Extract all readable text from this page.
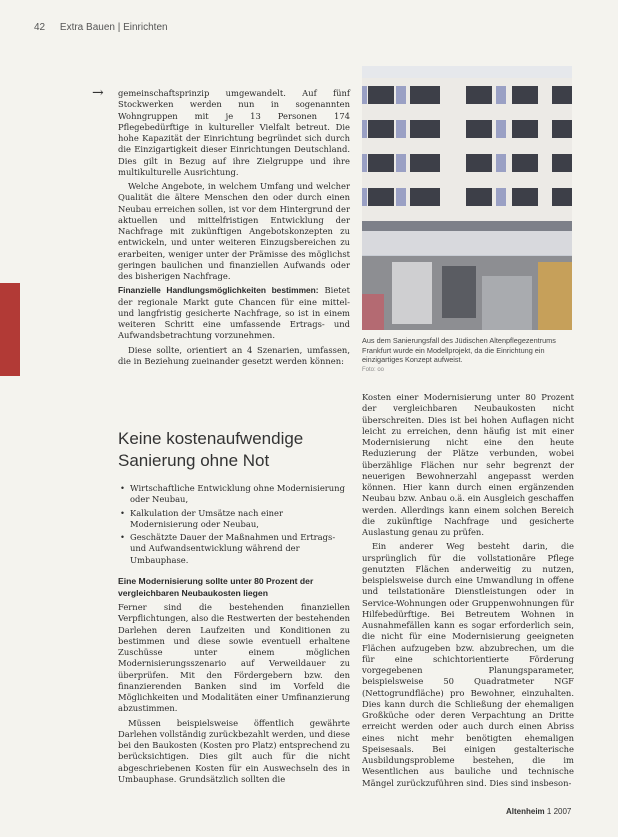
42 Extra Bauen | Einrichten
→ gemeinschaftsprinzip umgewandelt. Auf fünf Stockwerken werden nun in sogenannten Wohngruppen mit je 13 Personen 174 Pflegebedürftige in kultureller Vielfalt betreut. Die hohe Kapazität der Einrichtung begründet sich durch die Einzigartigkeit dieser Einrichtungen Deutschland. Dies gilt in Bezug auf ihre Zielgruppe und ihre multikulturelle Ausrichtung.

Welche Angebote, in welchem Umfang und welcher Qualität die ältere Menschen den oder durch einen Neubau erreichen sollen, ist vor dem Hintergrund der aktuellen und mittelfristigen Entwicklung der Nachfrage mit zukünftigen Angebotskonzepten zu entwickeln, und unter weiteren Einzugsbereichen zu erarbeiten, weniger unter der Prämisse des möglichst geringen baulichen und finanziellen Aufwands oder des bisherigen Nachfrage.

Finanzielle Handlungsmöglichkeiten bestimmen: Bietet der regionale Markt gute Chancen für eine mittel- und langfristig gesicherte Nachfrage, so ist in einem weiteren Schritt eine umfassende Ertrags- und Aufwandsbetrachtung vorzunehmen.

Diese sollte, orientiert an 4 Szenarien, umfassen, die in Beziehung zueinander gesetzt werden können:

Keine kostenaufwendige
Sanierung ohne Not
• Wirtschaftliche Entwicklung ohne Modernisierung oder Neubau,
• Kalkulation der Umsätze nach einer Modernisierung oder Neubau,
• Geschätzte Dauer der Maßnahmen und Ertrags- und Aufwandsentwicklung während der Umbauphase.
Eine Modernisierung sollte unter 80 Prozent der vergleichbaren Neubaukosten liegen

Ferner sind die bestehenden finanziellen Verpflichtungen, also die Restwerten der bestehenden Darlehen deren Laufzeiten und Konditionen zu bestimmen und diese sowie eventuell erhaltene Zuschüsse unter einem möglichen Modernisierungsszenario auf Verweildauer zu überprüfen. Mit den Fördergebern bzw. den finanzierenden Banken sind im Vorfeld die Möglichkeiten und Modalitäten einer Umfinanzierung abzustimmen.

Müssen beispielsweise öffentlich gewährte Darlehen vollständig zurückbezahlt werden, und diese bei den Baukosten (Kosten pro Platz) entsprechend zu berücksichtigen. Dies gilt auch für die nicht abgeschriebenen Kosten für ein Auswechseln des in Umbauphase. Grundsätzlich sollten die

Aus dem Sanierungsfall des Jüdischen Altenpflegezentrums Frankfurt wurde ein Modellprojekt, da die Einrichtung ein einzigartiges Konzept aufweist.
Foto: oo

Kosten einer Modernisierung unter 80 Prozent der vergleichbaren Neubaukosten nicht überschreiten. Dies ist bei hohen Auflagen nicht leicht zu erreichen, denn häufig ist mit einer Modernisierung nicht eine den heute Reduzierung der Plätze verbunden, wobei überzählige Flächen nur sehr begrenzt der neuerigen Bewohnerzahl angepasst werden können. Hier kann durch einen ergänzenden Neubau bzw. Anbau o.ä. ein Ausgleich geschaffen werden. Allerdings kann einem solchen Bereich die zukünftige Nachfrage und gesicherte Auslastung genau zu prüfen.

Ein anderer Weg besteht darin, die ursprünglich für die vollstationäre Pflege genutzten Flächen anderweitig zu nutzen, beispielsweise durch eine Umwandlung in offene und teilstationäre Dienstleistungen oder in Service-Wohnungen oder Gruppenwohnungen für Hilfebedürftige. Bei Betreutem Wohnen in Ausnahmefällen kann es sogar erforderlich sein, die nicht für eine Modernisierung geeigneten Flächen aufzugeben bzw. abzubrechen, um die für eine schichtorientierte Förderung vorgegebenen Planungsparameter, beispielsweise 50 Quadratmeter NGF (Nettogrundfläche) pro Bewohner, einzuhalten. Dies kann durch die Schließung der ehemaligen Großküche oder deren Verpachtung an Dritte erreicht werden oder auch durch einen Abriss eines nicht mehr benötigten ehemaligen Speisesaals. Bei einigen gestalterische Ausbildungsprobleme bestehen, die im Wesentlichen aus bauliche und technische Mängel zurückzuführen sind. Dies sind insbeson-

Altenheim 1 2007
